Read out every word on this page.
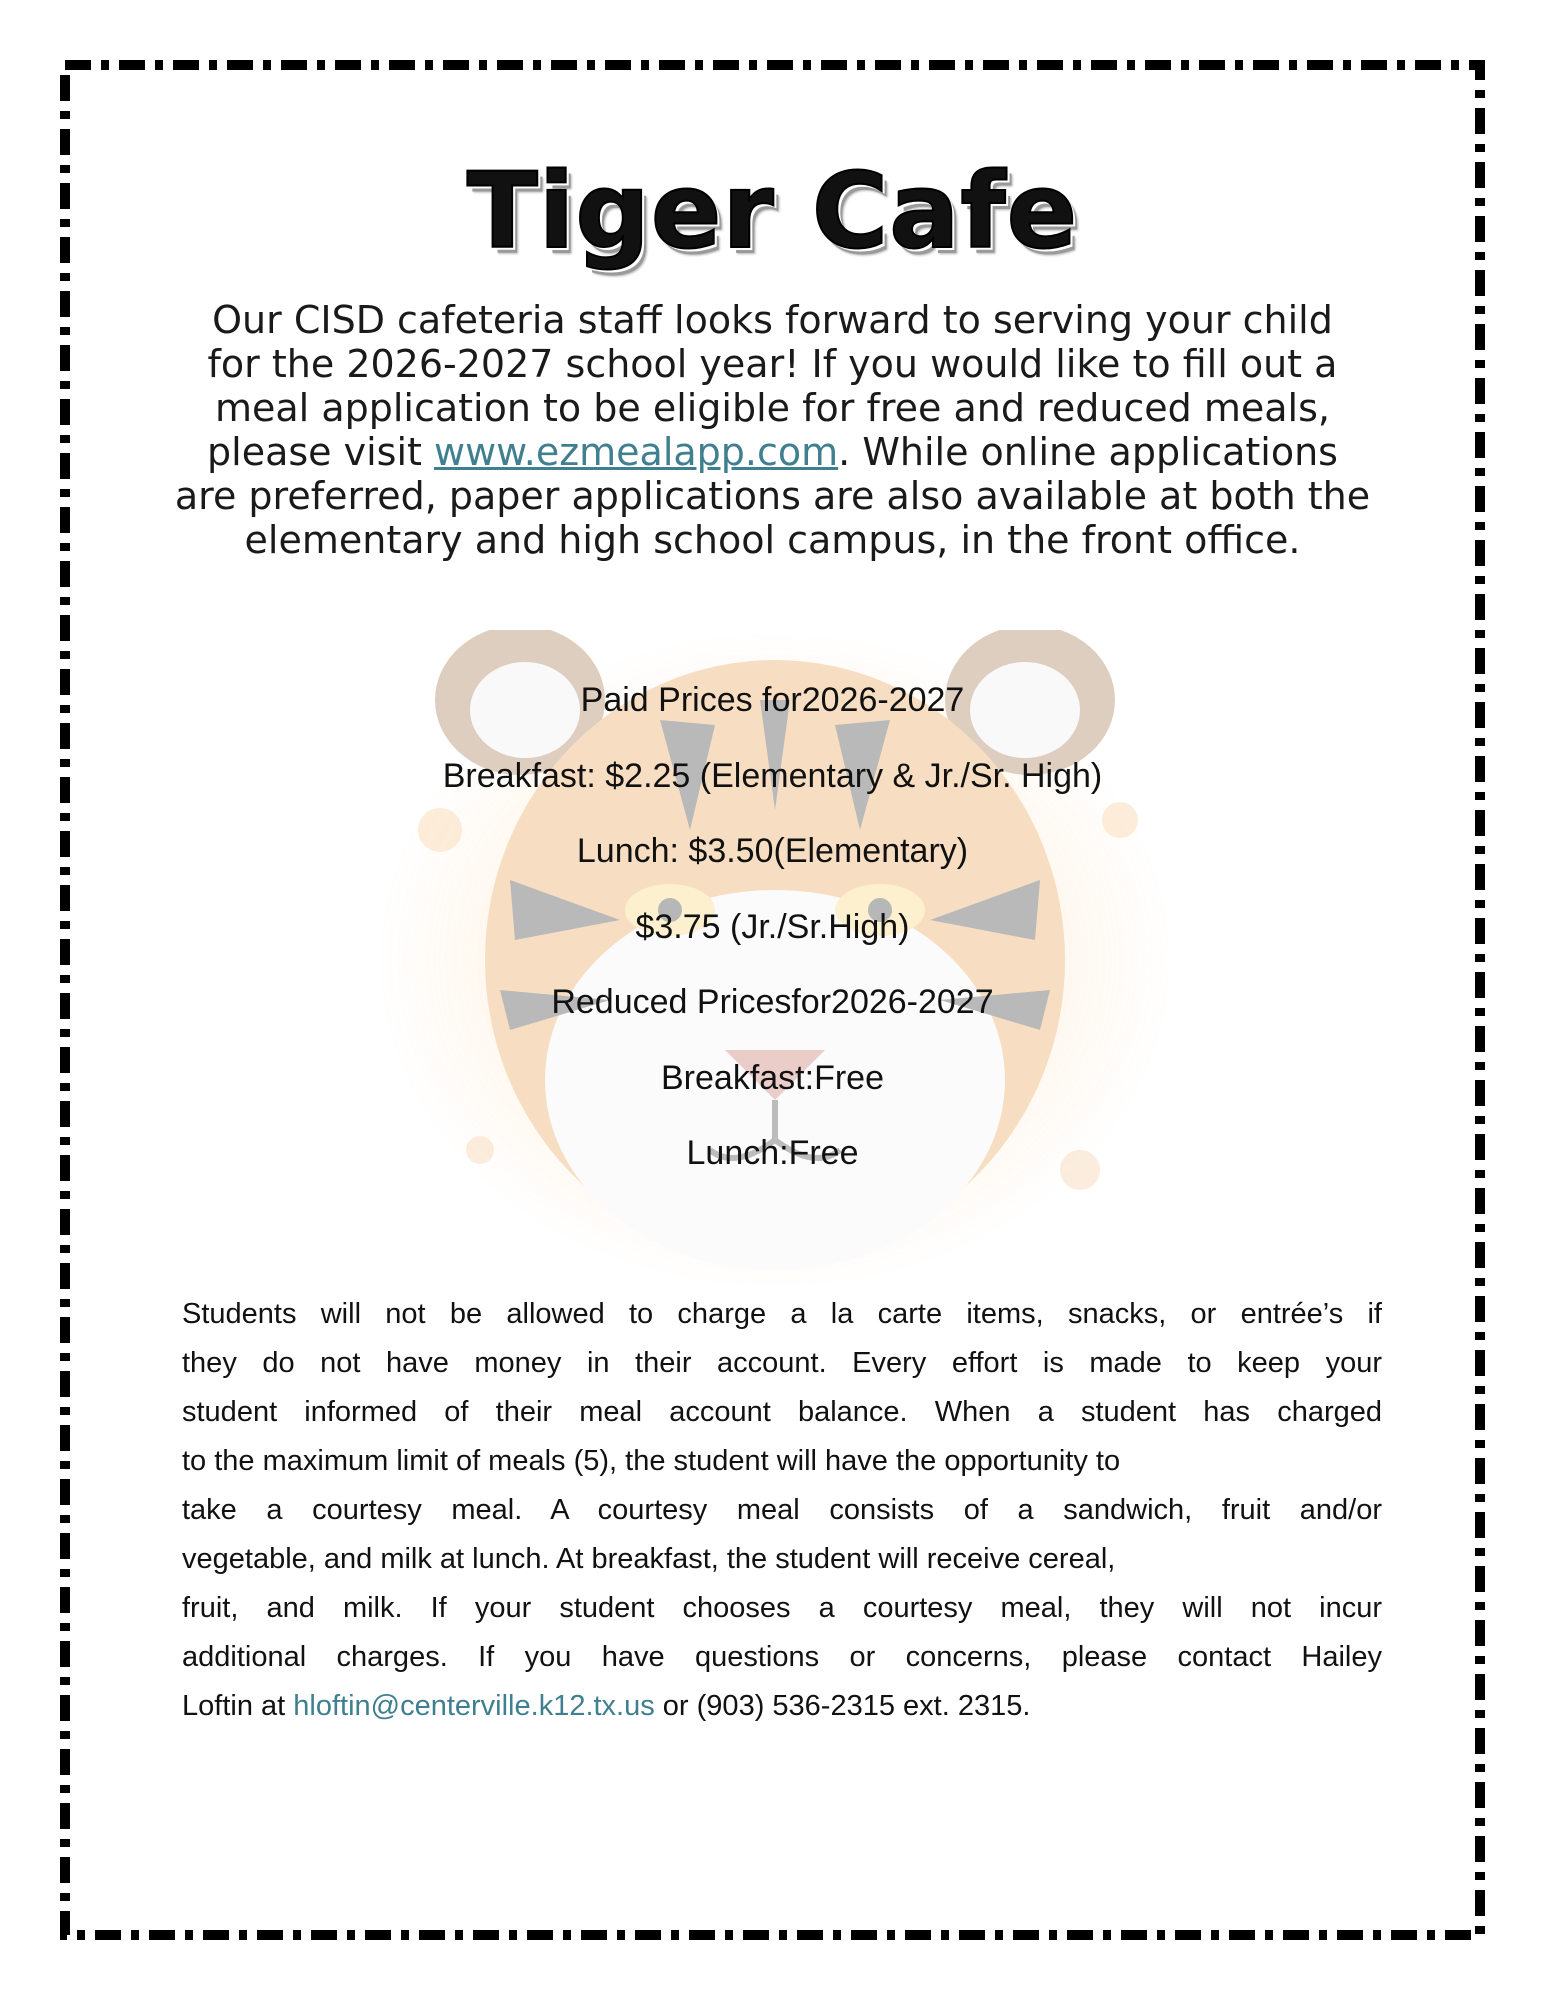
Tiger Cafe
Our CISD cafeteria staff looks forward to serving your child
for the 2026-2027 school year! If you would like to fill out a
meal application to be eligible for free and reduced meals,
please visit www.ezmealapp.com. While online applications
are preferred, paper applications are also available at both the
elementary and high school campus, in the front office.
Paid Prices for2026-2027
Breakfast: $2.25 (Elementary & Jr./Sr. High)
Lunch: $3.50(Elementary)
$3.75 (Jr./Sr.High)
Reduced Pricesfor2026-2027
Breakfast:Free
Lunch:Free
Students will not be allowed to charge a la carte items, snacks, or entrée’s if
they do not have money in their account. Every effort is made to keep your
student informed of their meal account balance. When a student has charged
to the maximum limit of meals (5), the student will have the opportunity to
take a courtesy meal. A courtesy meal consists of a sandwich, fruit and/or
vegetable, and milk at lunch. At breakfast, the student will receive cereal,
fruit, and milk. If your student chooses a courtesy meal, they will not incur
additional charges. If you have questions or concerns, please contact Hailey
Loftin at hloftin@centerville.k12.tx.us or (903) 536-2315 ext. 2315.
